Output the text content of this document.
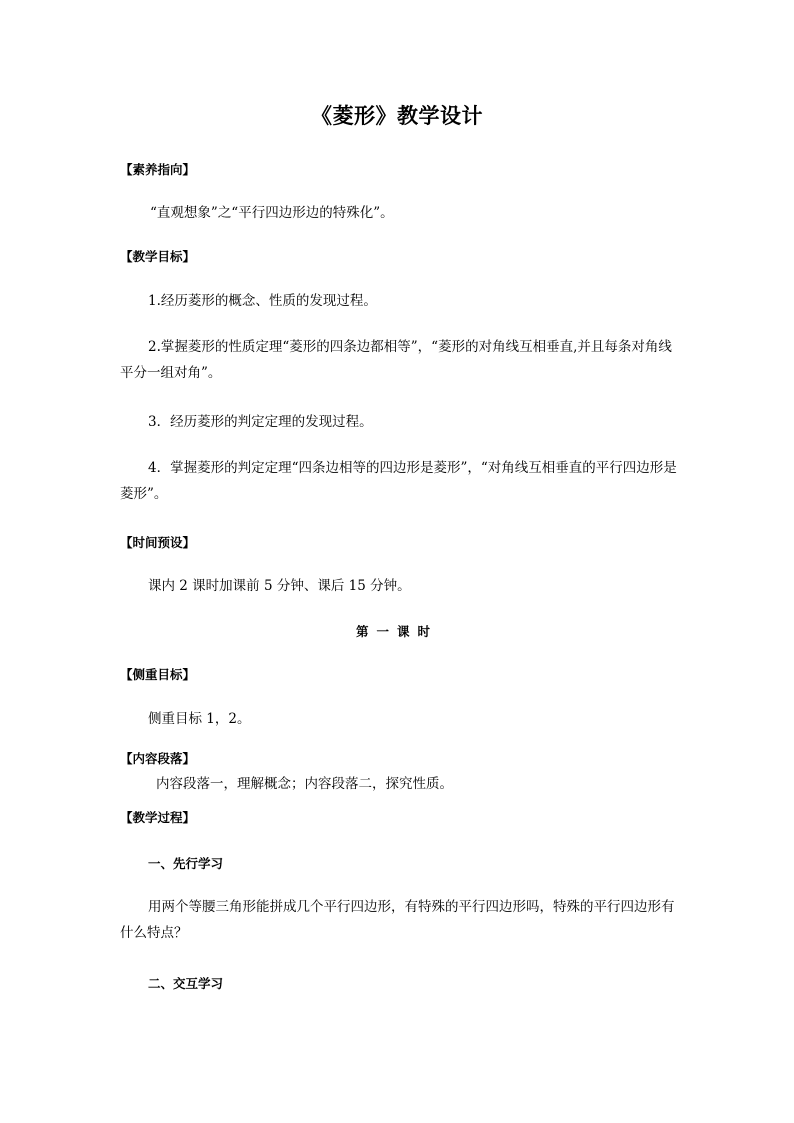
《菱形》教学设计
【素养指向】
“直观想象”之“平行四边形边的特殊化”。
【教学目标】
1.经历菱形的概念、性质的发现过程。
2.掌握菱形的性质定理“菱形的四条边都相等”，“菱形的对角线互相垂直,并且每条对角线平分一组对角”。
3．经历菱形的判定定理的发现过程。
4．掌握菱形的判定定理“四条边相等的四边形是菱形”，“对角线互相垂直的平行四边形是菱形”。
【时间预设】
课内 2 课时加课前 5 分钟、课后 15 分钟。
第一课时
【侧重目标】
侧重目标 1，2。
【内容段落】
内容段落一，理解概念；内容段落二，探究性质。
【教学过程】
一、先行学习
用两个等腰三角形能拼成几个平行四边形，有特殊的平行四边形吗，特殊的平行四边形有什么特点？
二、交互学习
